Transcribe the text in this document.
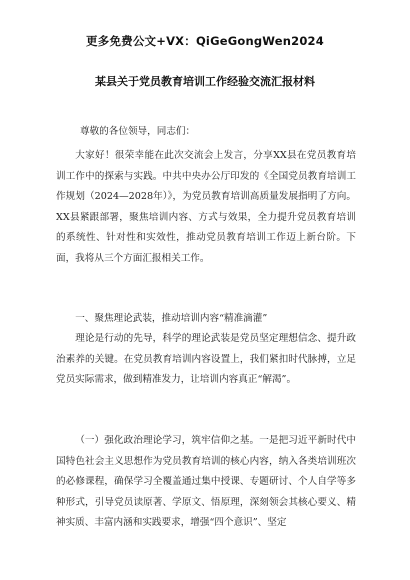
更多免费公文+VX：QiGeGongWen2024
某县关于党员教育培训工作经验交流汇报材料
尊敬的各位领导，同志们：

大家好！很荣幸能在此次交流会上发言，分享XX县在党员教育培训工作中的探索与实践。中共中央办公厅印发的《全国党员教育培训工作规划（2024—2028年）》，为党员教育培训高质量发展指明了方向。XX县紧跟部署，聚焦培训内容、方式与效果，全力提升党员教育培训的系统性、针对性和实效性，推动党员教育培训工作迈上新台阶。下面，我将从三个方面汇报相关工作。

一、聚焦理论武装，推动培训内容“精准滴灌”

理论是行动的先导，科学的理论武装是党员坚定理想信念、提升政治素养的关键。在党员教育培训内容设置上，我们紧扣时代脉搏，立足党员实际需求，做到精准发力，让培训内容真正“解渴”。

（一）强化政治理论学习，筑牢信仰之基。一是把习近平新时代中国特色社会主义思想作为党员教育培训的核心内容，纳入各类培训班次的必修课程，确保学习全覆盖通过集中授课、专题研讨、个人自学等多种形式，引导党员读原著、学原文、悟原理，深刻领会其核心要义、精神实质、丰富内涵和实践要求，增强“四个意识”、坚定
